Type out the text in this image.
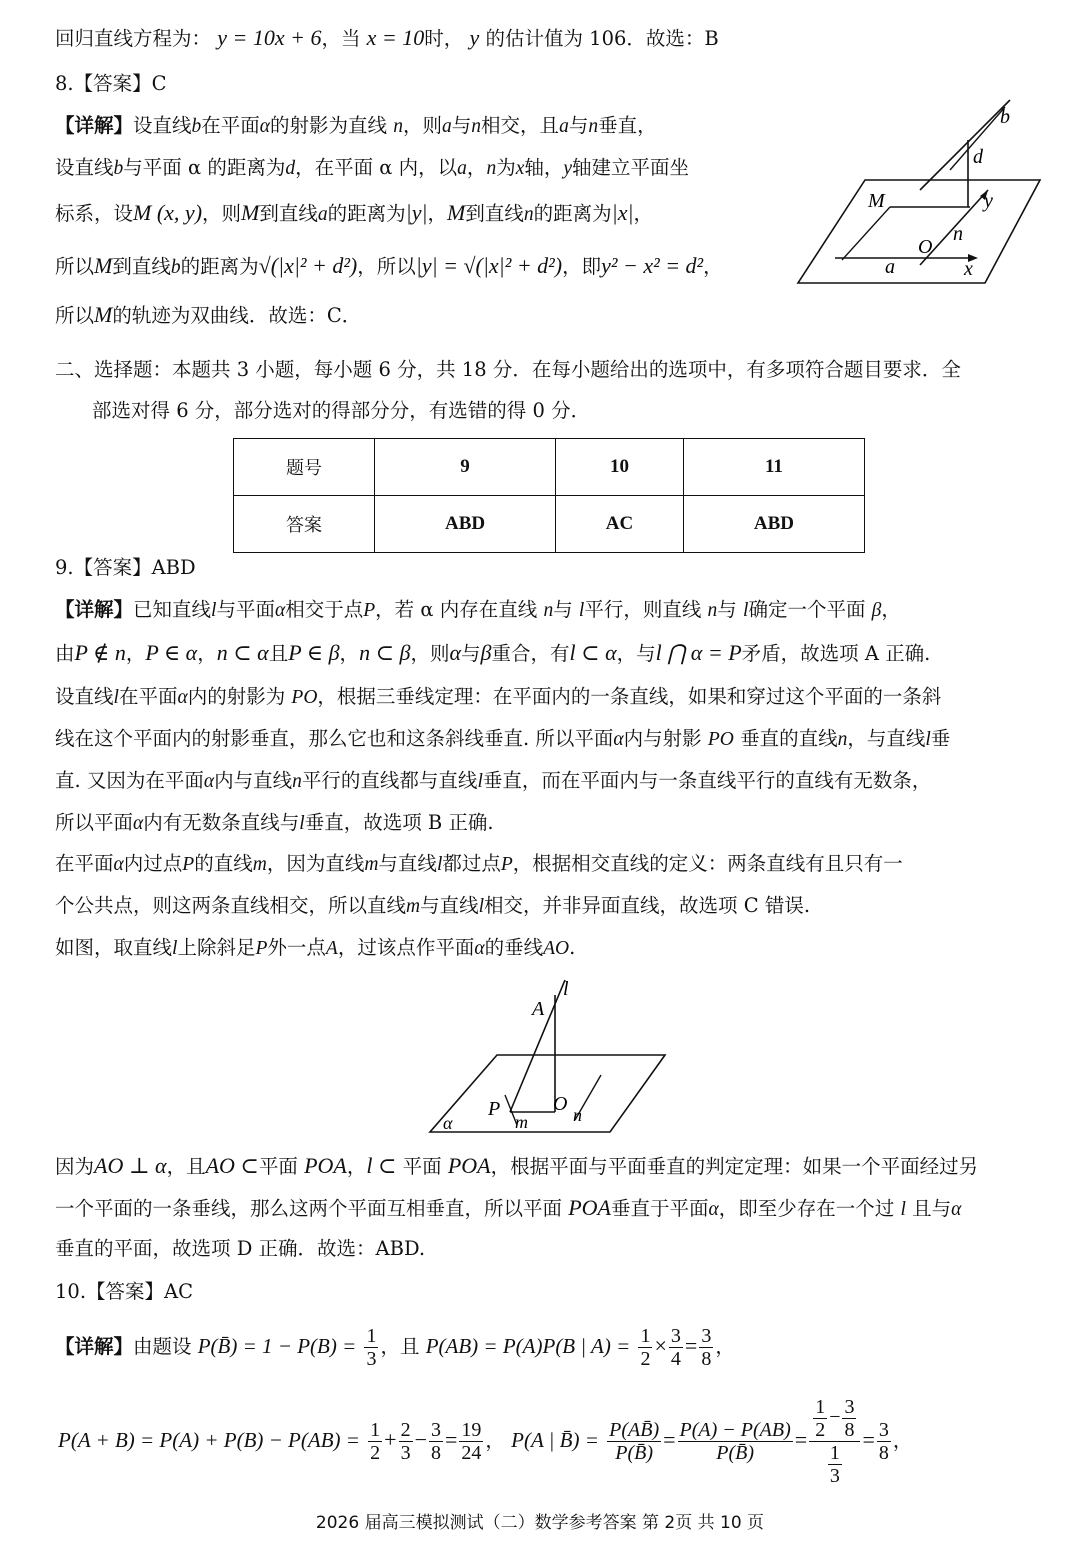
回归直线方程为： y = 10x + 6，当 x = 10时， y 的估计值为 106．故选：B
8.【答案】C
【详解】设直线b在平面α的射影为直线 n，则a与n相交，且a与n垂直，
设直线b与平面 α 的距离为d，在平面 α 内，以a，n为x轴，y轴建立平面坐
标系，设M (x, y)，则M到直线a的距离为|y|，M到直线n的距离为|x|，
所以M到直线b的距离为√(|x|² + d²)，所以|y| = √(|x|² + d²)，即y² − x² = d²，
所以M的轨迹为双曲线．故选：C．
b
d
M	y
O
n
a	x
二、选择题：本题共 3 小题，每小题 6 分，共 18 分．在每小题给出的选项中，有多项符合题目要求．全
部选对得 6 分，部分选对的得部分分，有选错的得 0 分．
题号	9	10	11
答案	ABD	AC	ABD
9.【答案】ABD
【详解】已知直线l与平面α相交于点P，若 α 内存在直线 n与 l平行，则直线 n与 l确定一个平面 β，
由P ∉ n，P ∈ α，n ⊂ α且P ∈ β，n ⊂ β，则α与β重合，有l ⊂ α，与l ⋂ α = P矛盾，故选项 A 正确.
设直线l在平面α内的射影为 PO，根据三垂线定理：在平面内的一条直线，如果和穿过这个平面的一条斜
线在这个平面内的射影垂直，那么它也和这条斜线垂直. 所以平面α内与射影 PO 垂直的直线n，与直线l垂
直. 又因为在平面α内与直线n平行的直线都与直线l垂直，而在平面内与一条直线平行的直线有无数条，
所以平面α内有无数条直线与l垂直，故选项 B 正确.
在平面α内过点P的直线m，因为直线m与直线l都过点P，根据相交直线的定义：两条直线有且只有一
个公共点，则这两条直线相交，所以直线m与直线l相交，并非异面直线，故选项 C 错误.
如图，取直线l上除斜足P外一点A，过该点作平面α的垂线AO.
A
l
P	O
m	n
α
因为AO ⊥ α，且AO ⊂平面 POA，l ⊂ 平面 POA，根据平面与平面垂直的判定定理：如果一个平面经过另
一个平面的一条垂线，那么这两个平面互相垂直，所以平面 POA垂直于平面α，即至少存在一个过 l 且与α
垂直的平面，故选项 D 正确．故选：ABD.
10.【答案】AC
【详解】由题设 P(B̄) = $1 - P(B) = \frac{1}{3}$ ，且 P(AB) = P(A)P(B | $A) = \frac{1}{2} \times \frac{3}{4} = \frac{3}{8}$ ，
$P(A + B) = P(A) + P(B) - P(AB) = \frac{1}{2} + \frac{2}{3} - \frac{3}{8} = \frac{19}{24}$ ， P(A | B̄) = $\frac{P(AB̄)}{P(B̄)} = \frac{P(A) - P(AB)}{P(B̄)} = \frac{\frac{1}{2} - \frac{3}{8}}{\frac{1}{3}} = \frac{3}{8}$ ，
2026 届高三模拟测试（二）数学参考答案 第 2页 共 10 页
